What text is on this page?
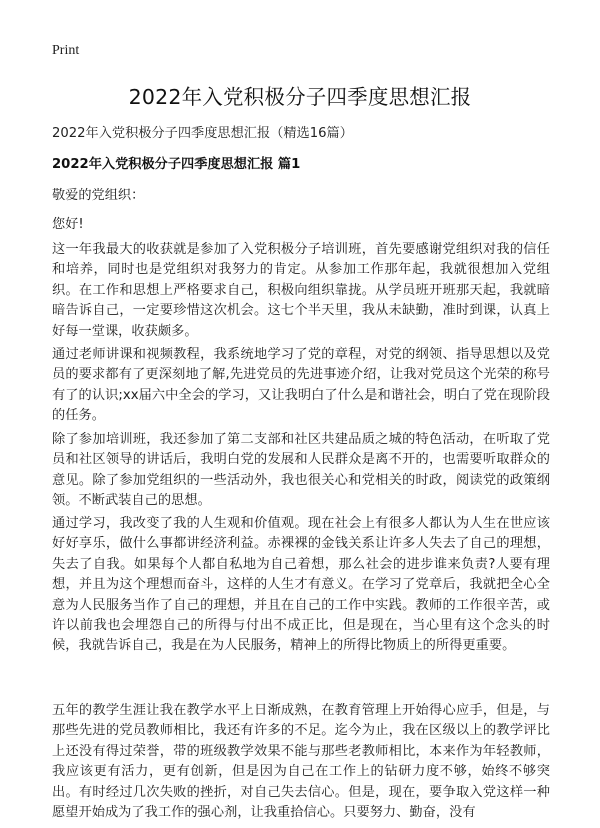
Print
2022年入党积极分子四季度思想汇报

2022年入党积极分子四季度思想汇报（精选16篇）

2022年入党积极分子四季度思想汇报 篇1

敬爱的党组织：

您好!

这一年我最大的收获就是参加了入党积极分子培训班，首先要感谢党组织对我的信任和培养，同时也是党组织对我努力的肯定。从参加工作那年起，我就很想加入党组织。在工作和思想上严格要求自己，积极向组织靠拢。从学员班开班那天起，我就暗暗告诉自己，一定要珍惜这次机会。这七个半天里，我从未缺勤，准时到课，认真上好每一堂课，收获颇多。

通过老师讲课和视频教程，我系统地学习了党的章程，对党的纲领、指导思想以及党员的要求都有了更深刻地了解,先进党员的先进事迹介绍，让我对党员这个光荣的称号有了的认识;xx届六中全会的学习，又让我明白了什么是和谐社会，明白了党在现阶段的任务。

除了参加培训班，我还参加了第二支部和社区共建品质之城的特色活动，在听取了党员和社区领导的讲话后，我明白党的发展和人民群众是离不开的，也需要听取群众的意见。除了参加党组织的一些活动外，我也很关心和党相关的时政，阅读党的政策纲领。不断武装自己的思想。

通过学习，我改变了我的人生观和价值观。现在社会上有很多人都认为人生在世应该好好享乐，做什么事都讲经济利益。赤裸裸的金钱关系让许多人失去了自己的理想，失去了自我。如果每个人都自私地为自己着想，那么社会的进步谁来负责?人要有理想，并且为这个理想而奋斗，这样的人生才有意义。在学习了党章后，我就把全心全意为人民服务当作了自己的理想，并且在自己的工作中实践。教师的工作很辛苦，或许以前我也会埋怨自己的所得与付出不成正比，但是现在，当心里有这个念头的时候，我就告诉自己，我是在为人民服务，精神上的所得比物质上的所得更重要。

五年的教学生涯让我在教学水平上日渐成熟，在教育管理上开始得心应手，但是，与那些先进的党员教师相比，我还有许多的不足。迄今为止，我在区级以上的教学评比上还没有得过荣誉，带的班级教学效果不能与那些老教师相比，本来作为年轻教师，我应该更有活力，更有创新，但是因为自己在工作上的钻研力度不够，始终不够突出。有时经过几次失败的挫折，对自己失去信心。但是，现在，要争取入党这样一种愿望开始成为了我工作的强心剂，让我重拾信心。只要努力、勤奋，没有
